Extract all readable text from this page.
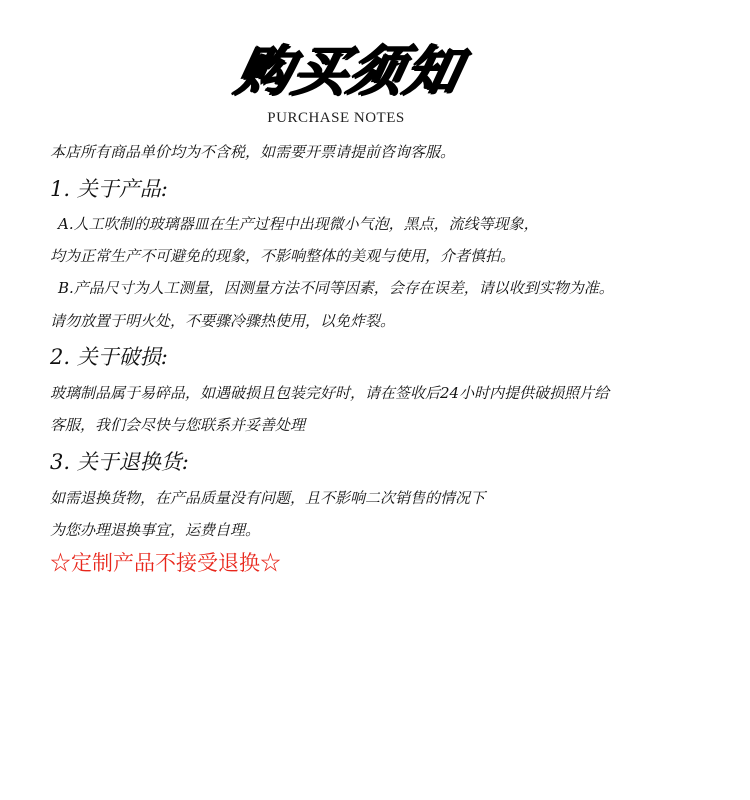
购买须知
PURCHASE NOTES
本店所有商品单价均为不含税，如需要开票请提前咨询客服。
1. 关于产品:
A.人工吹制的玻璃器皿在生产过程中出现微小气泡，黑点，流线等现象，
均为正常生产不可避免的现象，不影响整体的美观与使用，介者慎拍。
B.产品尺寸为人工测量，因测量方法不同等因素，会存在误差，请以收到实物为准。
请勿放置于明火处，不要骤冷骤热使用，以免炸裂。
2. 关于破损:
玻璃制品属于易碎品，如遇破损且包装完好时，请在签收后24小时内提供破损照片给
客服，我们会尽快与您联系并妥善处理
3. 关于退换货:
如需退换货物，在产品质量没有问题，且不影响二次销售的情况下
为您办理退换事宜，运费自理。
☆定制产品不接受退换☆
